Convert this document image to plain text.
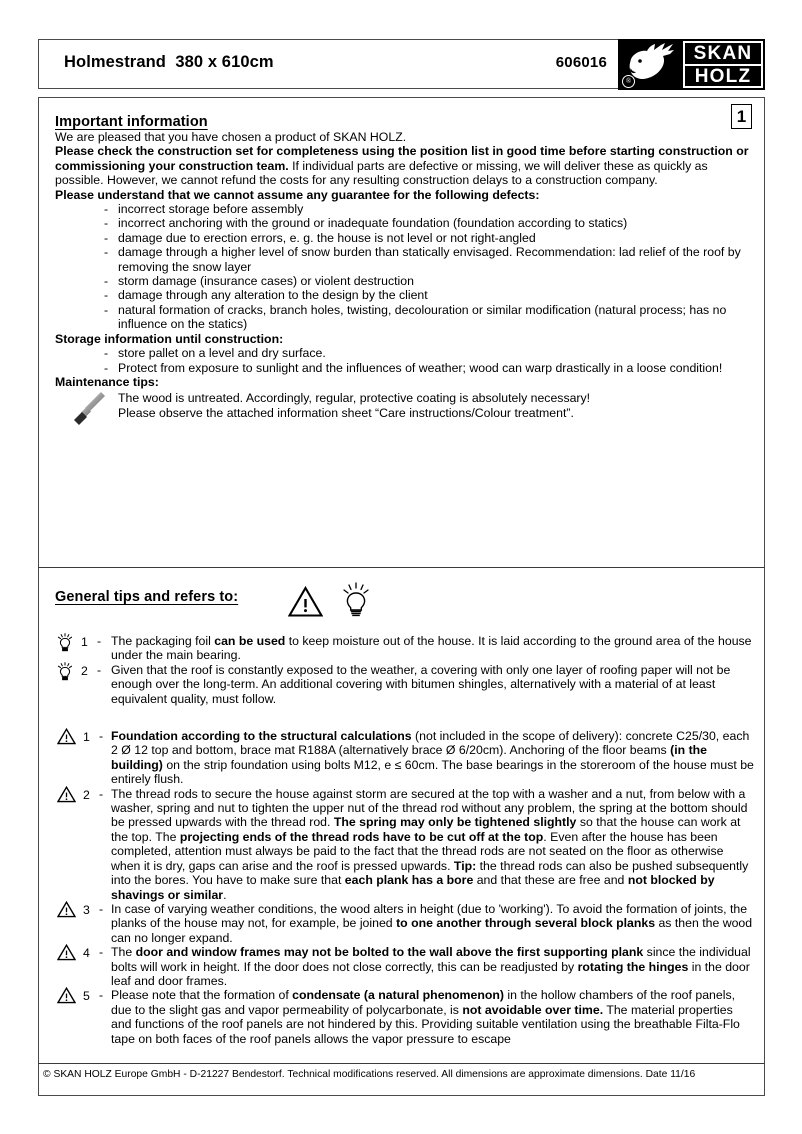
Holmestrand  380 x 610cm	606016
®
SKAN
HOLZ
1
Important information

We are pleased that you have chosen a product of SKAN HOLZ.

Please check the construction set for completeness using the position list in good time before starting construction or commissioning your construction team. If individual parts are defective or missing, we will deliver these as quickly as possible. However, we cannot refund the costs for any resulting construction delays to a construction company.

Please understand that we cannot assume any guarantee for the following defects:

- incorrect storage before assembly
- incorrect anchoring with the ground or inadequate foundation (foundation according to statics)
- damage due to erection errors, e. g. the house is not level or not right-angled
- damage through a higher level of snow burden than statically envisaged. Recommendation: lad relief of the roof by removing the snow layer
- storm damage (insurance cases) or violent destruction
- damage through any alteration to the design by the client
- natural formation of cracks, branch holes, twisting, decolouration or similar modification (natural process; has no influence on the statics)

Storage information until construction:

- store pallet on a level and dry surface.
- Protect from exposure to sunlight and the influences of weather; wood can warp drastically in a loose condition!

Maintenance tips:

The wood is untreated. Accordingly, regular, protective coating is absolutely necessary!
Please observe the attached information sheet “Care instructions/Colour treatment”.
General tips and refers to:
1 - The packaging foil can be used to keep moisture out of the house. It is laid according to the ground area of the house under the main bearing.
2 - Given that the roof is constantly exposed to the weather, a covering with only one layer of roofing paper will not be enough over the long-term. An additional covering with bitumen shingles, alternatively with a material of at least equivalent quality, must follow.
1 - Foundation according to the structural calculations (not included in the scope of delivery): concrete C25/30, each 2 Ø 12 top and bottom, brace mat R188A (alternatively brace Ø 6/20cm). Anchoring of the floor beams (in the building) on the strip foundation using bolts M12, e ≤ 60cm. The base bearings in the storeroom of the house must be entirely flush.
2 - The thread rods to secure the house against storm are secured at the top with a washer and a nut, from below with a washer, spring and nut to tighten the upper nut of the thread rod without any problem, the spring at the bottom should be pressed upwards with the thread rod. The spring may only be tightened slightly so that the house can work at the top. The projecting ends of the thread rods have to be cut off at the top. Even after the house has been completed, attention must always be paid to the fact that the thread rods are not seated on the floor as otherwise when it is dry, gaps can arise and the roof is pressed upwards. Tip: the thread rods can also be pushed subsequently into the bores. You have to make sure that each plank has a bore and that these are free and not blocked by shavings or similar.
3 - In case of varying weather conditions, the wood alters in height (due to 'working'). To avoid the formation of joints, the planks of the house may not, for example, be joined to one another through several block planks as then the wood can no longer expand.
4 - The door and window frames may not be bolted to the wall above the first supporting plank since the individual bolts will work in height. If the door does not close correctly, this can be readjusted by rotating the hinges in the door leaf and door frames.
5 - Please note that the formation of condensate (a natural phenomenon) in the hollow chambers of the roof panels, due to the slight gas and vapor permeability of polycarbonate, is not avoidable over time. The material properties and functions of the roof panels are not hindered by this. Providing suitable ventilation using the breathable Filta-Flo tape on both faces of the roof panels allows the vapor pressure to escape
© SKAN HOLZ Europe GmbH - D-21227 Bendestorf. Technical modifications reserved. All dimensions are approximate dimensions. Date 11/16
